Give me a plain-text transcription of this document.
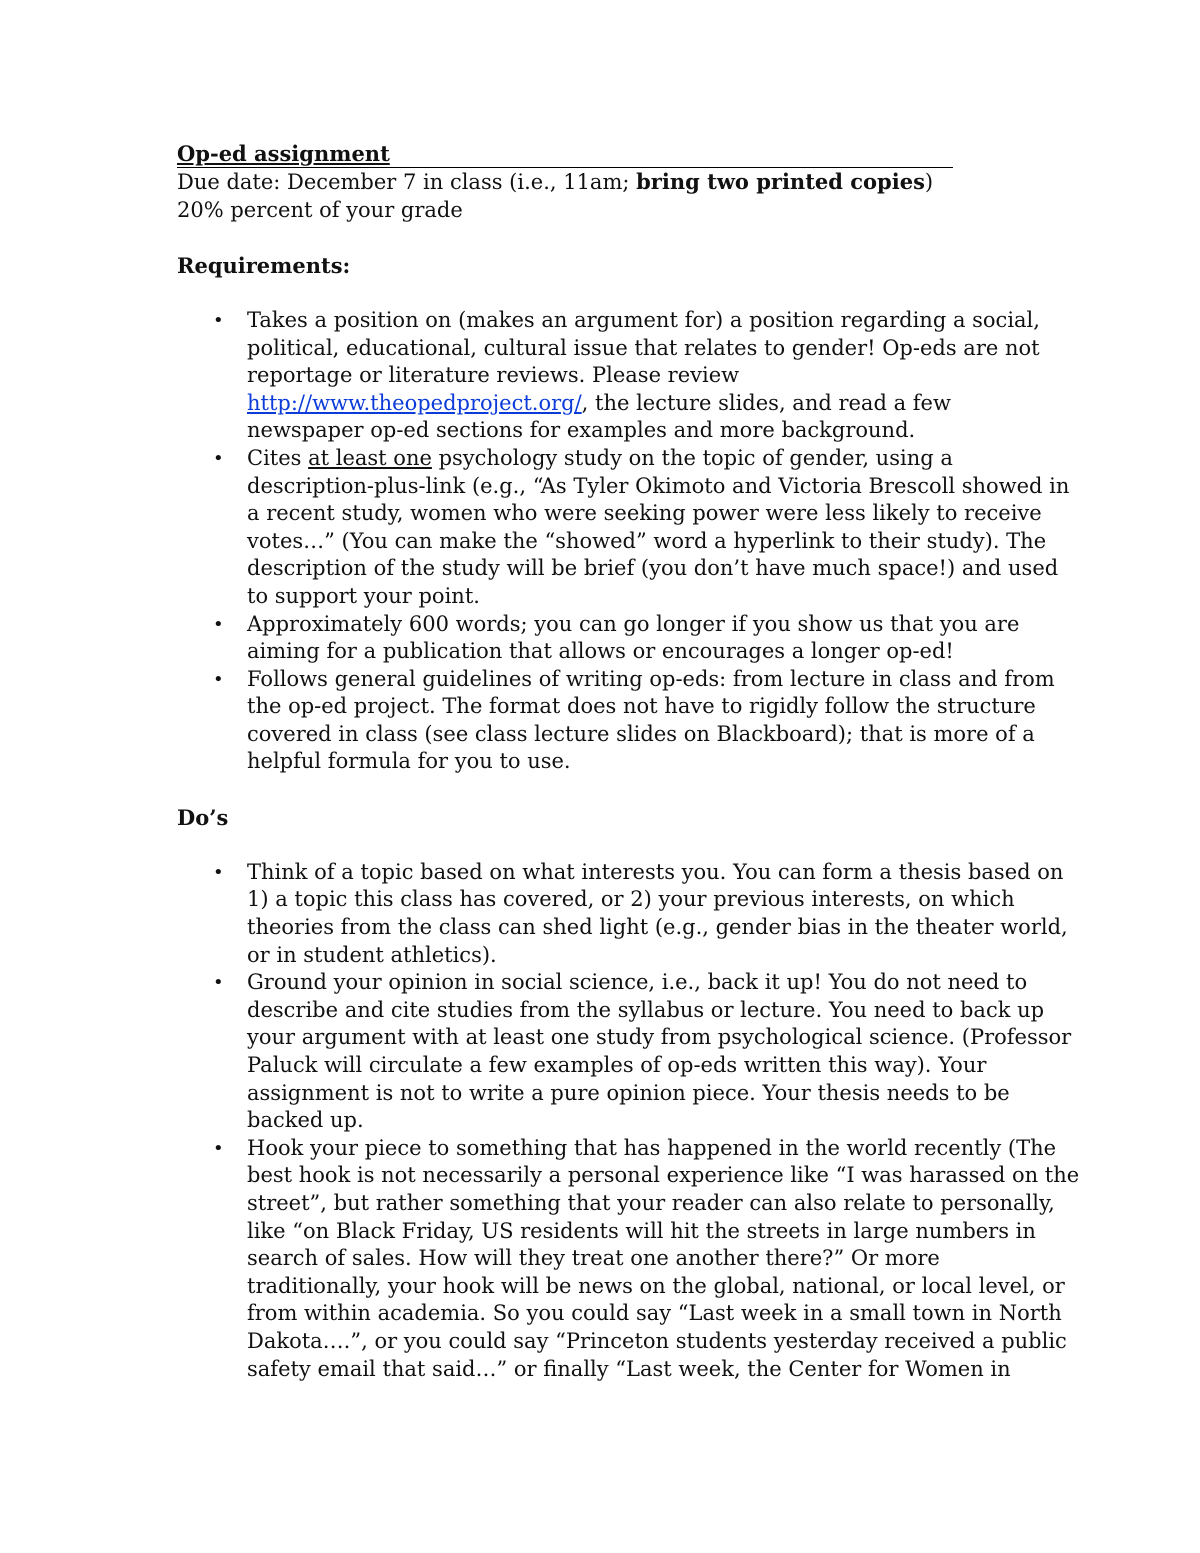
Op-ed assignment
Due date: December 7 in class (i.e., 11am; bring two printed copies)
20% percent of your grade
Requirements:
• Takes a position on (makes an argument for) a position regarding a social,
political, educational, cultural issue that relates to gender! Op-eds are not
reportage or literature reviews. Please review
http://www.theopedproject.org/, the lecture slides, and read a few
newspaper op-ed sections for examples and more background.
• Cites at least one psychology study on the topic of gender, using a
description-plus-link (e.g., “As Tyler Okimoto and Victoria Brescoll showed in
a recent study, women who were seeking power were less likely to receive
votes…” (You can make the “showed” word a hyperlink to their study). The
description of the study will be brief (you don’t have much space!) and used
to support your point.
• Approximately 600 words; you can go longer if you show us that you are
aiming for a publication that allows or encourages a longer op-ed!
• Follows general guidelines of writing op-eds: from lecture in class and from
the op-ed project. The format does not have to rigidly follow the structure
covered in class (see class lecture slides on Blackboard); that is more of a
helpful formula for you to use.
Do’s
• Think of a topic based on what interests you. You can form a thesis based on
1) a topic this class has covered, or 2) your previous interests, on which
theories from the class can shed light (e.g., gender bias in the theater world,
or in student athletics).
• Ground your opinion in social science, i.e., back it up! You do not need to
describe and cite studies from the syllabus or lecture. You need to back up
your argument with at least one study from psychological science. (Professor
Paluck will circulate a few examples of op-eds written this way). Your
assignment is not to write a pure opinion piece. Your thesis needs to be
backed up.
• Hook your piece to something that has happened in the world recently (The
best hook is not necessarily a personal experience like “I was harassed on the
street”, but rather something that your reader can also relate to personally,
like “on Black Friday, US residents will hit the streets in large numbers in
search of sales. How will they treat one another there?” Or more
traditionally, your hook will be news on the global, national, or local level, or
from within academia. So you could say “Last week in a small town in North
Dakota….”, or you could say “Princeton students yesterday received a public
safety email that said…” or finally “Last week, the Center for Women in
